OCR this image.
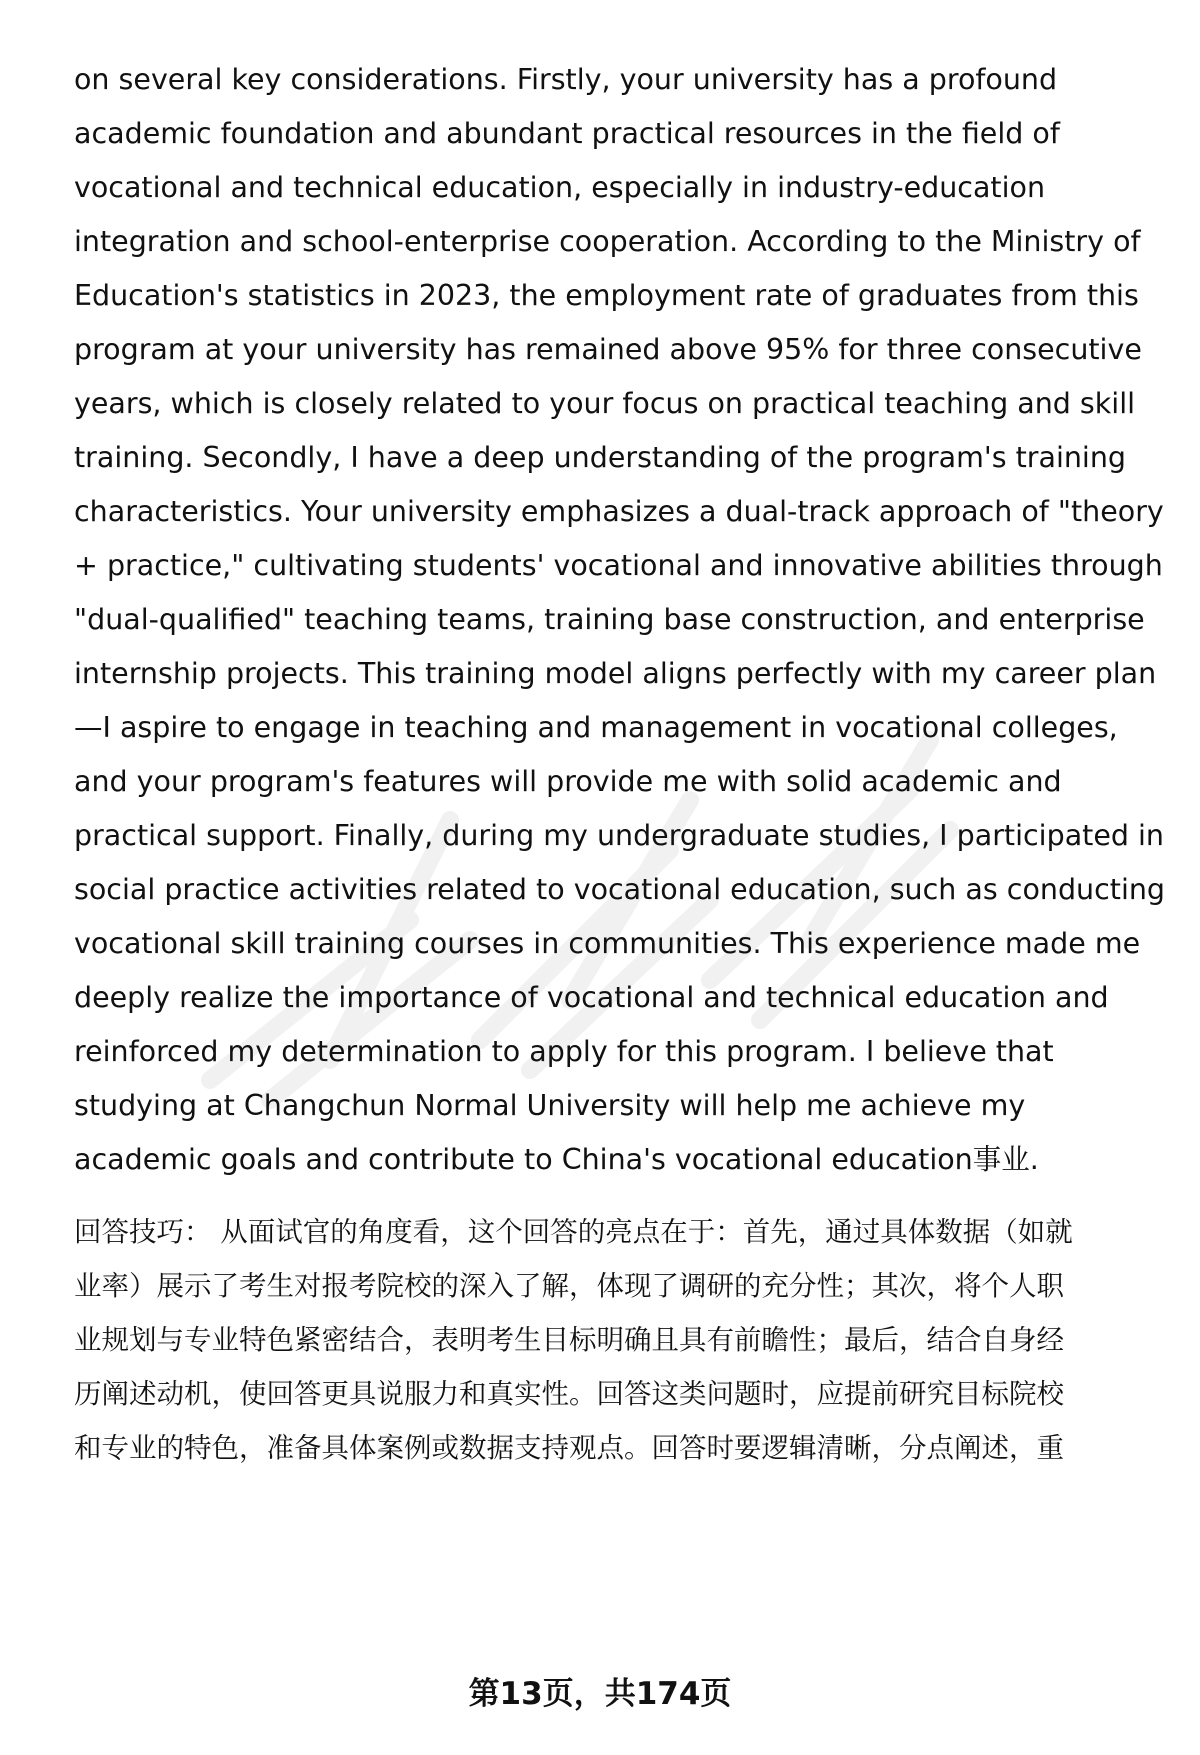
on several key considerations. Firstly, your university has a profound
academic foundation and abundant practical resources in the field of
vocational and technical education, especially in industry-education
integration and school-enterprise cooperation. According to the Ministry of
Education's statistics in 2023, the employment rate of graduates from this
program at your university has remained above 95% for three consecutive
years, which is closely related to your focus on practical teaching and skill
training. Secondly, I have a deep understanding of the program's training
characteristics. Your university emphasizes a dual-track approach of "theory
+ practice," cultivating students' vocational and innovative abilities through
"dual-qualified" teaching teams, training base construction, and enterprise
internship projects. This training model aligns perfectly with my career plan
—I aspire to engage in teaching and management in vocational colleges,
and your program's features will provide me with solid academic and
practical support. Finally, during my undergraduate studies, I participated in
social practice activities related to vocational education, such as conducting
vocational skill training courses in communities. This experience made me
deeply realize the importance of vocational and technical education and
reinforced my determination to apply for this program. I believe that
studying at Changchun Normal University will help me achieve my
academic goals and contribute to China's vocational education事业.
回答技巧： 从面试官的角度看，这个回答的亮点在于：首先，通过具体数据（如就
业率）展示了考生对报考院校的深入了解，体现了调研的充分性；其次，将个人职
业规划与专业特色紧密结合，表明考生目标明确且具有前瞻性；最后，结合自身经
历阐述动机，使回答更具说服力和真实性。回答这类问题时，应提前研究目标院校
和专业的特色，准备具体案例或数据支持观点。回答时要逻辑清晰，分点阐述，重
第13页，共174页
